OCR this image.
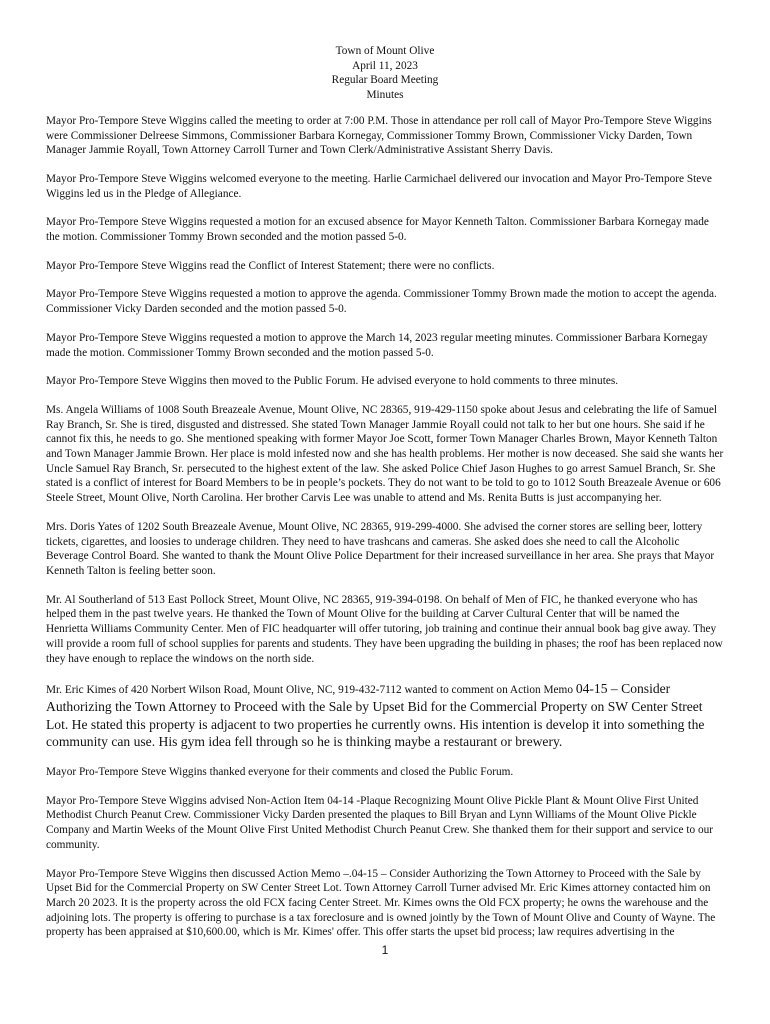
Town of Mount Olive
April 11, 2023
Regular Board Meeting
Minutes

Mayor Pro-Tempore Steve Wiggins called the meeting to order at 7:00 P.M. Those in attendance per roll call of Mayor Pro-Tempore Steve Wiggins were Commissioner Delreese Simmons, Commissioner Barbara Kornegay, Commissioner Tommy Brown, Commissioner Vicky Darden, Town Manager Jammie Royall, Town Attorney Carroll Turner and Town Clerk/Administrative Assistant Sherry Davis.

Mayor Pro-Tempore Steve Wiggins welcomed everyone to the meeting. Harlie Carmichael delivered our invocation and Mayor Pro-Tempore Steve Wiggins led us in the Pledge of Allegiance.

Mayor Pro-Tempore Steve Wiggins requested a motion for an excused absence for Mayor Kenneth Talton. Commissioner Barbara Kornegay made the motion. Commissioner Tommy Brown seconded and the motion passed 5-0.

Mayor Pro-Tempore Steve Wiggins read the Conflict of Interest Statement; there were no conflicts.

Mayor Pro-Tempore Steve Wiggins requested a motion to approve the agenda. Commissioner Tommy Brown made the motion to accept the agenda. Commissioner Vicky Darden seconded and the motion passed 5-0.

Mayor Pro-Tempore Steve Wiggins requested a motion to approve the March 14, 2023 regular meeting minutes. Commissioner Barbara Kornegay made the motion. Commissioner Tommy Brown seconded and the motion passed 5-0.

Mayor Pro-Tempore Steve Wiggins then moved to the Public Forum. He advised everyone to hold comments to three minutes.

Ms. Angela Williams of 1008 South Breazeale Avenue, Mount Olive, NC 28365, 919-429-1150 spoke about Jesus and celebrating the life of Samuel Ray Branch, Sr. She is tired, disgusted and distressed. She stated Town Manager Jammie Royall could not talk to her but one hours. She said if he cannot fix this, he needs to go. She mentioned speaking with former Mayor Joe Scott, former Town Manager Charles Brown, Mayor Kenneth Talton and Town Manager Jammie Brown. Her place is mold infested now and she has health problems. Her mother is now deceased. She said she wants her Uncle Samuel Ray Branch, Sr. persecuted to the highest extent of the law. She asked Police Chief Jason Hughes to go arrest Samuel Branch, Sr. She stated is a conflict of interest for Board Members to be in people’s pockets. They do not want to be told to go to 1012 South Breazeale Avenue or 606 Steele Street, Mount Olive, North Carolina. Her brother Carvis Lee was unable to attend and Ms. Renita Butts is just accompanying her.

Mrs. Doris Yates of 1202 South Breazeale Avenue, Mount Olive, NC 28365, 919-299-4000. She advised the corner stores are selling beer, lottery tickets, cigarettes, and loosies to underage children. They need to have trashcans and cameras. She asked does she need to call the Alcoholic Beverage Control Board. She wanted to thank the Mount Olive Police Department for their increased surveillance in her area. She prays that Mayor Kenneth Talton is feeling better soon.

Mr. Al Southerland of 513 East Pollock Street, Mount Olive, NC 28365, 919-394-0198. On behalf of Men of FIC, he thanked everyone who has helped them in the past twelve years. He thanked the Town of Mount Olive for the building at Carver Cultural Center that will be named the Henrietta Williams Community Center. Men of FIC headquarter will offer tutoring, job training and continue their annual book bag give away. They will provide a room full of school supplies for parents and students. They have been upgrading the building in phases; the roof has been replaced now they have enough to replace the windows on the north side.

Mr. Eric Kimes of 420 Norbert Wilson Road, Mount Olive, NC, 919-432-7112 wanted to comment on Action Memo 04-15 – Consider Authorizing the Town Attorney to Proceed with the Sale by Upset Bid for the Commercial Property on SW Center Street Lot. He stated this property is adjacent to two properties he currently owns. His intention is develop it into something the community can use. His gym idea fell through so he is thinking maybe a restaurant or brewery.

Mayor Pro-Tempore Steve Wiggins thanked everyone for their comments and closed the Public Forum.

Mayor Pro-Tempore Steve Wiggins advised Non-Action Item 04-14 -Plaque Recognizing Mount Olive Pickle Plant & Mount Olive First United Methodist Church Peanut Crew. Commissioner Vicky Darden presented the plaques to Bill Bryan and Lynn Williams of the Mount Olive Pickle Company and Martin Weeks of the Mount Olive First United Methodist Church Peanut Crew. She thanked them for their support and service to our community.

Mayor Pro-Tempore Steve Wiggins then discussed Action Memo –.04-15 – Consider Authorizing the Town Attorney to Proceed with the Sale by Upset Bid for the Commercial Property on SW Center Street Lot. Town Attorney Carroll Turner advised Mr. Eric Kimes attorney contacted him on March 20 2023. It is the property across the old FCX facing Center Street. Mr. Kimes owns the Old FCX property; he owns the warehouse and the adjoining lots. The property is offering to purchase is a tax foreclosure and is owned jointly by the Town of Mount Olive and County of Wayne. The property has been appraised at $10,600.00, which is Mr. Kimes' offer. This offer starts the upset bid process; law requires advertising in the

1
